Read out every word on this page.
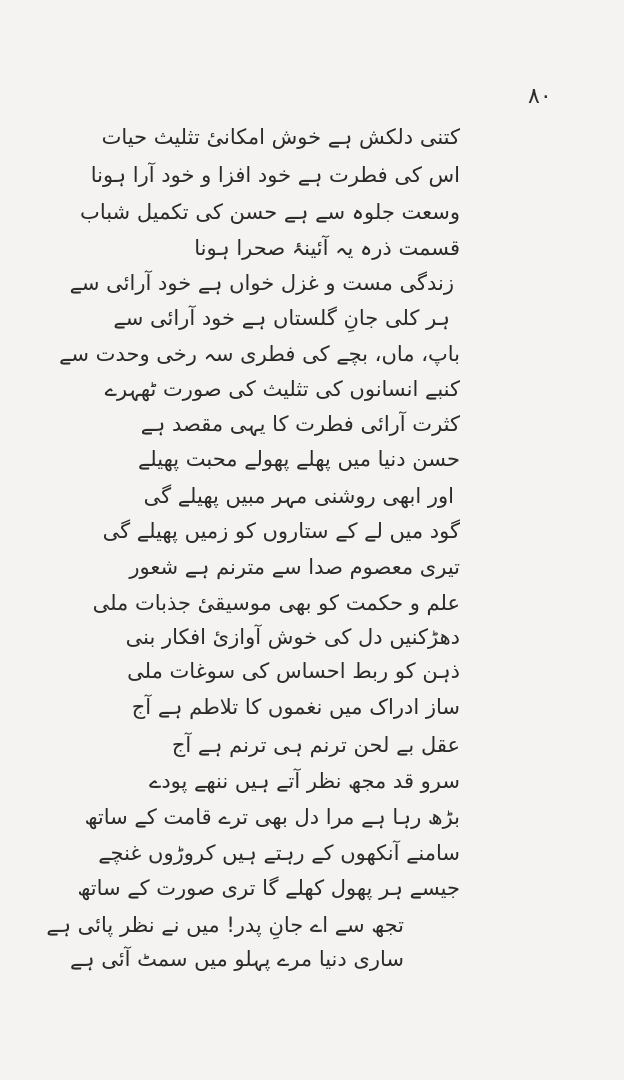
۸۰
کتنی دلکش ہے خوش امکانیٔ تثلیث حیات
اس کی فطرت ہے خود افزا و خود آرا ہونا
وسعت جلوہ سے ہے حسن کی تکمیل شباب
قسمت ذرہ یہ آئینۂ صحرا ہونا
زندگی مست و غزل خواں ہے خود آرائی سے
ہر کلی جانِ گلستاں ہے خود آرائی سے
باپ، ماں، بچے کی فطری سہ رخی وحدت سے
کنبے انسانوں کی تثلیث کی صورت ٹھہرے
کثرت آرائی فطرت کا یہی مقصد ہے
حسن دنیا میں پھلے پھولے محبت پھیلے
اور ابھی روشنی مہر مبیں پھیلے گی
گود میں لے کے ستاروں کو زمیں پھیلے گی
تیری معصوم صدا سے مترنم ہے شعور
علم و حکمت کو بھی موسیقیٔ جذبات ملی
دھڑکنیں دل کی خوش آوازیٔ افکار بنی
ذہن کو ربط احساس کی سوغات ملی
ساز ادراک میں نغموں کا تلاطم ہے آج
عقل بے لحن ترنم ہی ترنم ہے آج
سرو قد مجھ نظر آتے ہیں ننھے پودے
بڑھ رہا ہے مرا دل بھی ترے قامت کے ساتھ
سامنے آنکھوں کے رہتے ہیں کروڑوں غنچے
جیسے ہر پھول کھلے گا تری صورت کے ساتھ
تجھ سے اے جانِ پدر! میں نے نظر پائی ہے
ساری دنیا مرے پہلو میں سمٹ آئی ہے
